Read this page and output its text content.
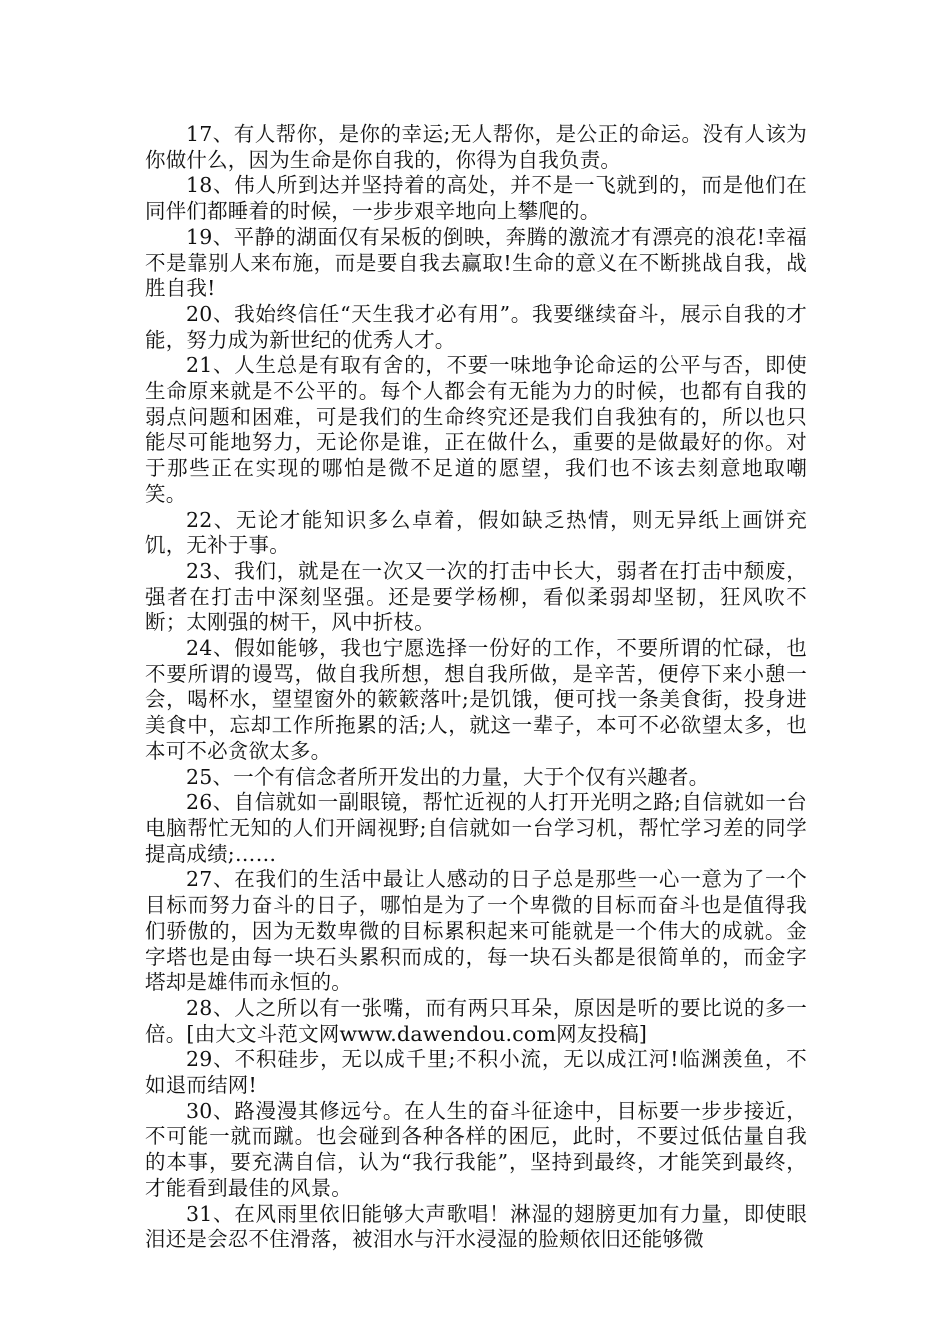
17、有人帮你，是你的幸运;无人帮你，是公正的命运。没有人该为你做什么，因为生命是你自我的，你得为自我负责。

18、伟人所到达并坚持着的高处，并不是一飞就到的，而是他们在同伴们都睡着的时候，一步步艰辛地向上攀爬的。

19、平静的湖面仅有呆板的倒映，奔腾的激流才有漂亮的浪花!幸福不是靠别人来布施，而是要自我去赢取!生命的意义在不断挑战自我，战胜自我!

20、我始终信任“天生我才必有用”。我要继续奋斗，展示自我的才能，努力成为新世纪的优秀人才。

21、人生总是有取有舍的，不要一味地争论命运的公平与否，即使生命原来就是不公平的。每个人都会有无能为力的时候，也都有自我的弱点问题和困难，可是我们的生命终究还是我们自我独有的，所以也只能尽可能地努力，无论你是谁，正在做什么，重要的是做最好的你。对于那些正在实现的哪怕是微不足道的愿望，我们也不该去刻意地取嘲笑。

22、无论才能知识多么卓着，假如缺乏热情，则无异纸上画饼充饥，无补于事。

23、我们，就是在一次又一次的打击中长大，弱者在打击中颓废，强者在打击中深刻坚强。还是要学杨柳，看似柔弱却坚韧，狂风吹不断；太刚强的树干，风中折枝。

24、假如能够，我也宁愿选择一份好的工作，不要所谓的忙碌，也不要所谓的谩骂，做自我所想，想自我所做，是辛苦，便停下来小憩一会，喝杯水，望望窗外的簌簌落叶;是饥饿，便可找一条美食街，投身进美食中，忘却工作所拖累的活;人，就这一辈子，本可不必欲望太多，也本可不必贪欲太多。

25、一个有信念者所开发出的力量，大于个仅有兴趣者。

26、自信就如一副眼镜，帮忙近视的人打开光明之路;自信就如一台电脑帮忙无知的人们开阔视野;自信就如一台学习机，帮忙学习差的同学提高成绩;……

27、在我们的生活中最让人感动的日子总是那些一心一意为了一个目标而努力奋斗的日子，哪怕是为了一个卑微的目标而奋斗也是值得我们骄傲的，因为无数卑微的目标累积起来可能就是一个伟大的成就。金字塔也是由每一块石头累积而成的，每一块石头都是很简单的，而金字塔却是雄伟而永恒的。

28、人之所以有一张嘴，而有两只耳朵，原因是听的要比说的多一倍。[由大文斗范文网www.dawendou.com网友投稿]

29、不积硅步，无以成千里;不积小流，无以成江河!临渊羡鱼，不如退而结网!

30、路漫漫其修远兮。在人生的奋斗征途中，目标要一步步接近，不可能一就而蹴。也会碰到各种各样的困厄，此时，不要过低估量自我的本事，要充满自信，认为“我行我能”，坚持到最终，才能笑到最终，才能看到最佳的风景。

31、在风雨里依旧能够大声歌唱！淋湿的翅膀更加有力量，即使眼泪还是会忍不住滑落，被泪水与汗水浸湿的脸颊依旧还能够微
